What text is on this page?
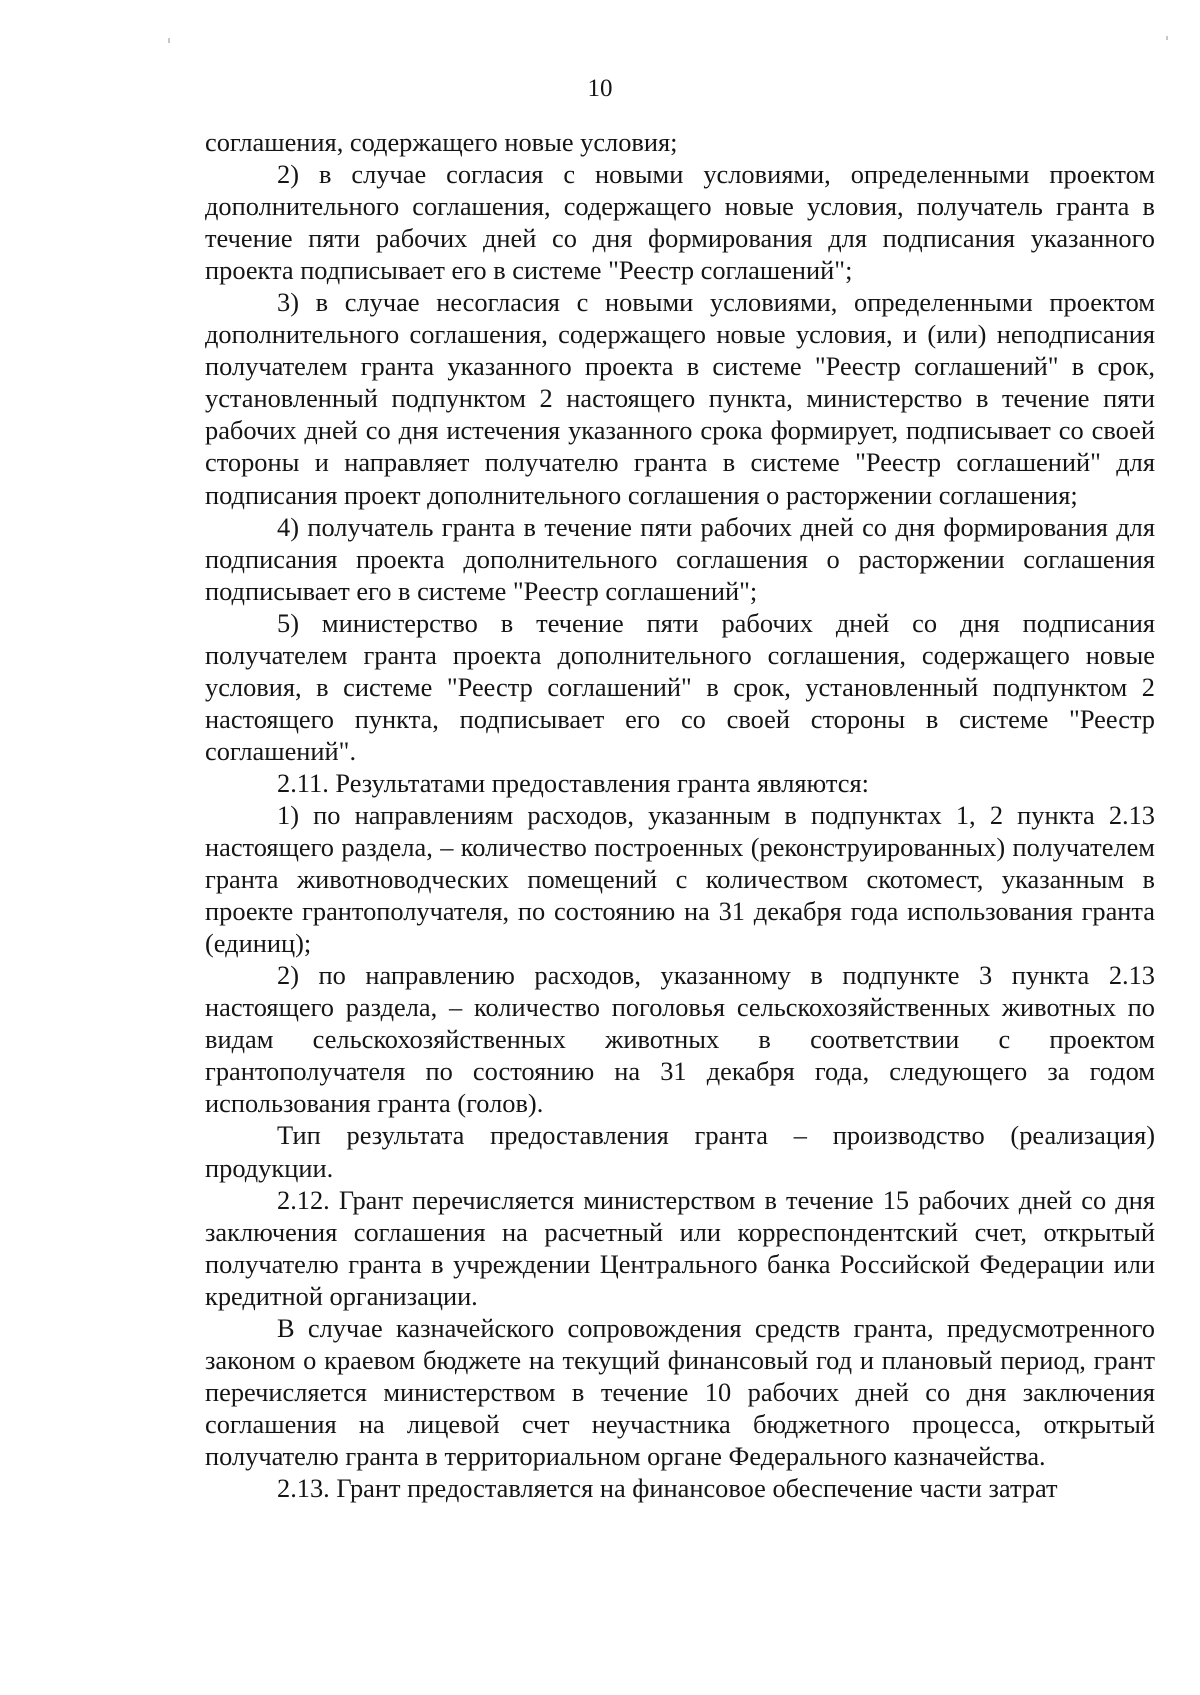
10

соглашения, содержащего новые условия;

2) в случае согласия с новыми условиями, определенными проектом дополнительного соглашения, содержащего новые условия, получатель гранта в течение пяти рабочих дней со дня формирования для подписания указанного проекта подписывает его в системе "Реестр соглашений";

3) в случае несогласия с новыми условиями, определенными проектом дополнительного соглашения, содержащего новые условия, и (или) неподписания получателем гранта указанного проекта в системе "Реестр соглашений" в срок, установленный подпунктом 2 настоящего пункта, министерство в течение пяти рабочих дней со дня истечения указанного срока формирует, подписывает со своей стороны и направляет получателю гранта в системе "Реестр соглашений" для подписания проект дополнительного соглашения о расторжении соглашения;

4) получатель гранта в течение пяти рабочих дней со дня формирования для подписания проекта дополнительного соглашения о расторжении соглашения подписывает его в системе "Реестр соглашений";

5) министерство в течение пяти рабочих дней со дня подписания получателем гранта проекта дополнительного соглашения, содержащего новые условия, в системе "Реестр соглашений" в срок, установленный подпунктом 2 настоящего пункта, подписывает его со своей стороны в системе "Реестр соглашений".

2.11. Результатами предоставления гранта являются:

1) по направлениям расходов, указанным в подпунктах 1, 2 пункта 2.13 настоящего раздела, – количество построенных (реконструированных) получателем гранта животноводческих помещений с количеством скотомест, указанным в проекте грантополучателя, по состоянию на 31 декабря года использования гранта (единиц);

2) по направлению расходов, указанному в подпункте 3 пункта 2.13 настоящего раздела, – количество поголовья сельскохозяйственных животных по видам сельскохозяйственных животных в соответствии с проектом грантополучателя по состоянию на 31 декабря года, следующего за годом использования гранта (голов).

Тип результата предоставления гранта – производство (реализация) продукции.

2.12. Грант перечисляется министерством в течение 15 рабочих дней со дня заключения соглашения на расчетный или корреспондентский счет, открытый получателю гранта в учреждении Центрального банка Российской Федерации или кредитной организации.

В случае казначейского сопровождения средств гранта, предусмотренного законом о краевом бюджете на текущий финансовый год и плановый период, грант перечисляется министерством в течение 10 рабочих дней со дня заключения соглашения на лицевой счет неучастника бюджетного процесса, открытый получателю гранта в территориальном органе Федерального казначейства.

2.13. Грант предоставляется на финансовое обеспечение части затрат
